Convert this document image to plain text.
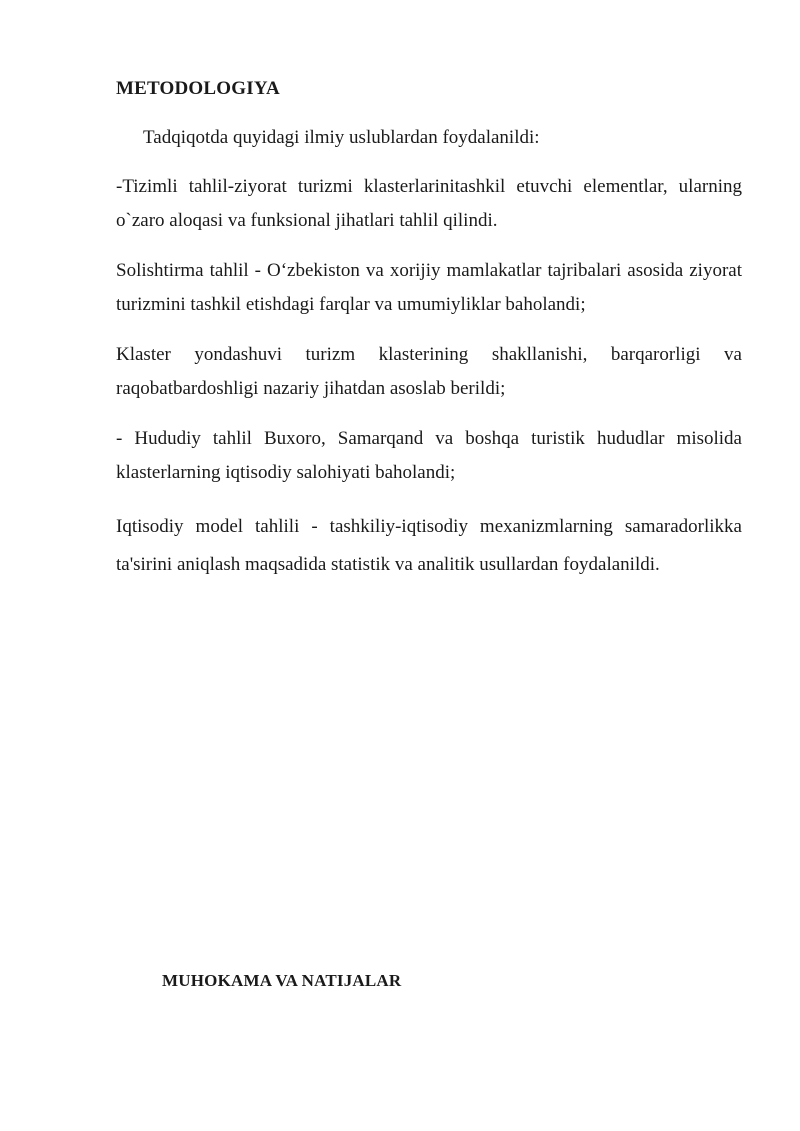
METODOLOGIYA

Tadqiqotda quyidagi ilmiy uslublardan foydalanildi:

-Tizimli tahlil-ziyorat turizmi klasterlarinitashkil etuvchi elementlar, ularning o`zaro aloqasi va funksional jihatlari tahlil qilindi.

Solishtirma tahlil - O‘zbekiston va xorijiy mamlakatlar tajribalari asosida ziyorat turizmini tashkil etishdagi farqlar va umumiyliklar baholandi;

Klaster yondashuvi turizm klasterining shakllanishi, barqarorligi va raqobatbardoshligi nazariy jihatdan asoslab berildi;

- Hududiy tahlil Buxoro, Samarqand va boshqa turistik hududlar misolida klasterlarning iqtisodiy salohiyati baholandi;

Iqtisodiy model tahlili - tashkiliy-iqtisodiy mexanizmlarning samaradorlikka ta'sirini aniqlash maqsadida statistik va analitik usullardan foydalanildi.

MUHOKAMA VA NATIJALAR
